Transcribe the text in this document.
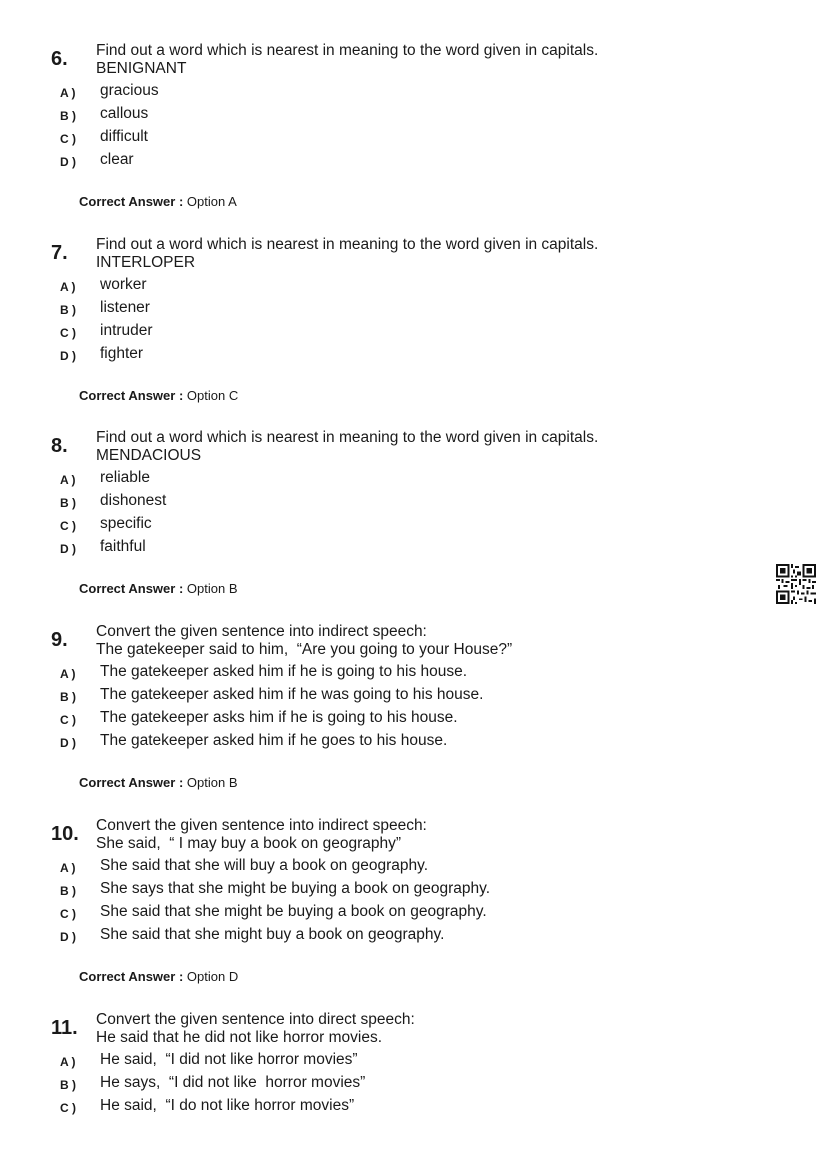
6. Find out a word which is nearest in meaning to the word given in capitals.
BENIGNANT
A ) gracious
B ) callous
C ) difficult
D ) clear
Correct Answer : Option A
7. Find out a word which is nearest in meaning to the word given in capitals.
INTERLOPER
A ) worker
B ) listener
C ) intruder
D ) fighter
Correct Answer : Option C
8. Find out a word which is nearest in meaning to the word given in capitals.
MENDACIOUS
A ) reliable
B ) dishonest
C ) specific
D ) faithful
Correct Answer : Option B
9. Convert the given sentence into indirect speech:
The gatekeeper said to him,  “Are you going to your House?”
A ) The gatekeeper asked him if he is going to his house.
B ) The gatekeeper asked him if he was going to his house.
C ) The gatekeeper asks him if he is going to his house.
D ) The gatekeeper asked him if he goes to his house.
Correct Answer : Option B
10. Convert the given sentence into indirect speech:
She said,  “ I may buy a book on geography”
A ) She said that she will buy a book on geography.
B ) She says that she might be buying a book on geography.
C ) She said that she might be buying a book on geography.
D ) She said that she might buy a book on geography.
Correct Answer : Option D
11. Convert the given sentence into direct speech:
He said that he did not like horror movies.
A ) He said,  “I did not like horror movies”
B ) He says,  “I did not like  horror movies”
C ) He said,  “I do not like horror movies”
